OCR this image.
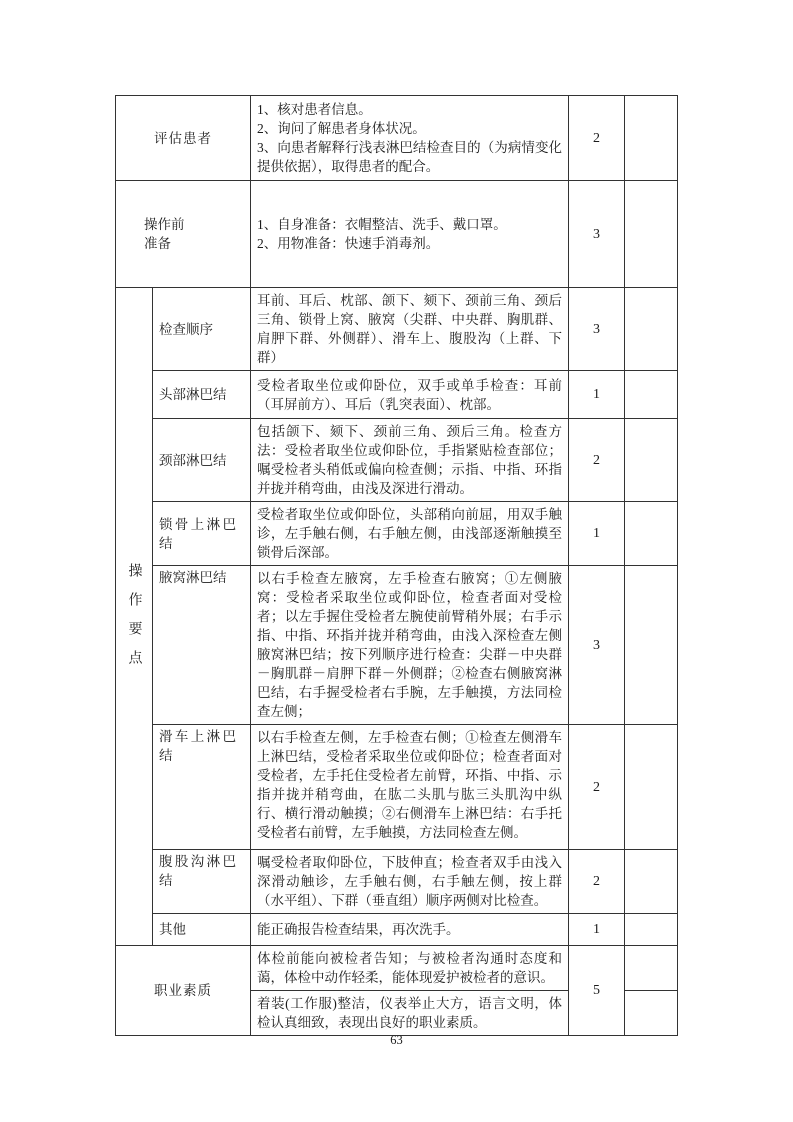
评估患者		1、核对患者信息。
2、询问了解患者身体状况。
3、向患者解释行浅表淋巴结检查目的（为病情变化提供依据），取得患者的配合。	2	

操作前
准备

1、自身准备：衣帽整洁、洗手、戴口罩。
2、用物准备：快速手消毒剂。
	3	
操作要点	检查顺序	耳前、耳后、枕部、颌下、颏下、颈前三角、颈后三角、锁骨上窝、腋窝（尖群、中央群、胸肌群、肩胛下群、外侧群）、滑车上、腹股沟（上群、下群）	3	
	头部淋巴结	受检者取坐位或仰卧位，双手或单手检查：耳前（耳屏前方）、耳后（乳突表面）、枕部。	1	
	颈部淋巴结	包括颌下、颏下、颈前三角、颈后三角。检查方法：受检者取坐位或仰卧位，手指紧贴检查部位；嘱受检者头稍低或偏向检查侧；示指、中指、环指并拢并稍弯曲，由浅及深进行滑动。	2	
	锁骨上淋巴结	受检者取坐位或仰卧位，头部稍向前屈，用双手触诊，左手触右侧，右手触左侧，由浅部逐渐触摸至锁骨后深部。	1	
	腋窝淋巴结	以右手检查左腋窝，左手检查右腋窝；①左侧腋窝：受检者采取坐位或仰卧位，检查者面对受检者；以左手握住受检者左腕使前臂稍外展；右手示指、中指、环指并拢并稍弯曲，由浅入深检查左侧腋窝淋巴结；按下列顺序进行检查：尖群－中央群－胸肌群－肩胛下群－外侧群；②检查右侧腋窝淋巴结，右手握受检者右手腕，左手触摸，方法同检查左侧；	3	
	滑车上淋巴结	以右手检查左侧，左手检查右侧；①检查左侧滑车上淋巴结，受检者采取坐位或仰卧位；检查者面对受检者，左手托住受检者左前臂，环指、中指、示指并拢并稍弯曲，在肱二头肌与肱三头肌沟中纵行、横行滑动触摸；②右侧滑车上淋巴结：右手托受检者右前臂，左手触摸，方法同检查左侧。	2	
	腹股沟淋巴结	嘱受检者取仰卧位，下肢伸直；检查者双手由浅入深滑动触诊，左手触右侧，右手触左侧，按上群（水平组）、下群（垂直组）顺序两侧对比检查。	2	
	其他	能正确报告检查结果，再次洗手。	1	
职业素质		体检前能向被检者告知；与被检者沟通时态度和蔼，体检中动作轻柔，能体现爱护被检者的意识。	5	
		着装(工作服)整洁，仪表举止大方，语言文明，体检认真细致，表现出良好的职业素质。		
63
